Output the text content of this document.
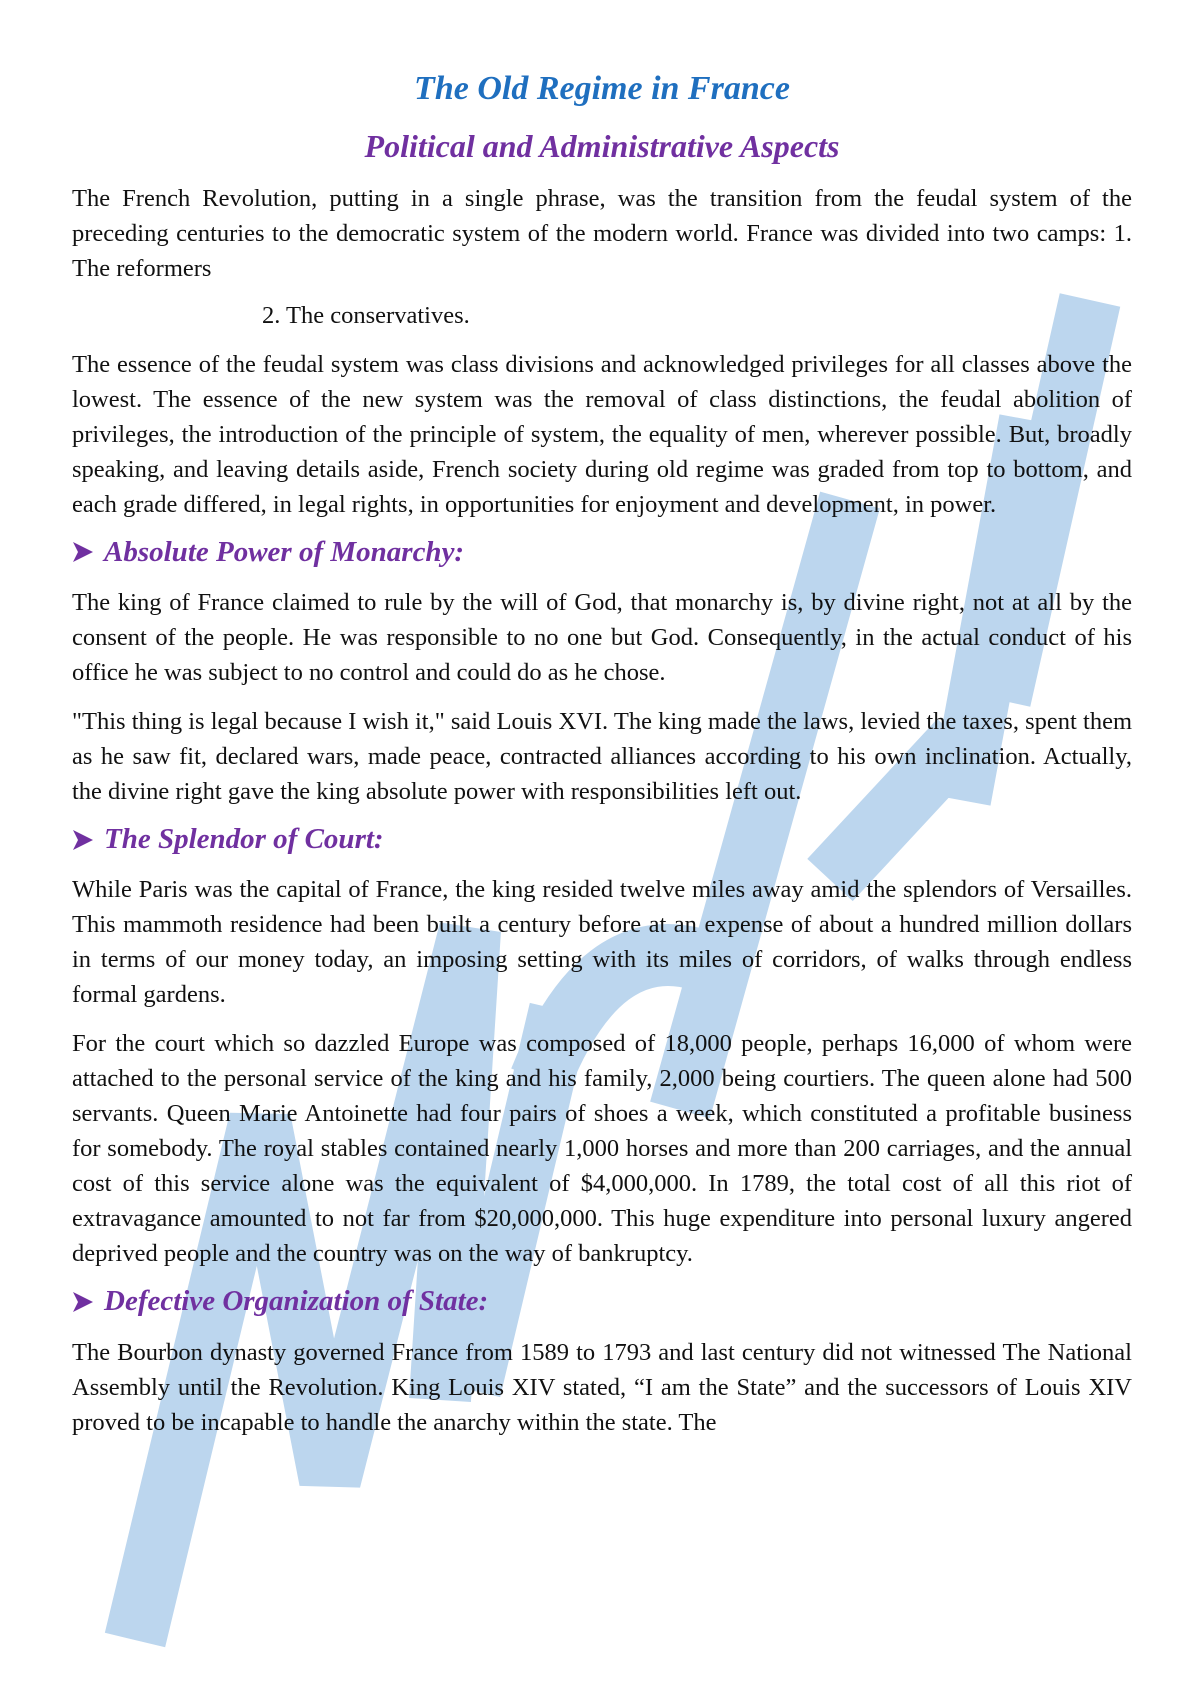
The Old Regime in France
Political and Administrative Aspects

The French Revolution, putting in a single phrase, was the transition from the feudal system of the preceding centuries to the democratic system of the modern world. France was divided into two camps: 1. The reformers

2. The conservatives.

The essence of the feudal system was class divisions and acknowledged privileges for all classes above the lowest. The essence of the new system was the removal of class distinctions, the feudal abolition of privileges, the introduction of the principle of system, the equality of men, wherever possible. But, broadly speaking, and leaving details aside, French society during old regime was graded from top to bottom, and each grade differed, in legal rights, in opportunities for enjoyment and development, in power.

Absolute Power of Monarchy:

The king of France claimed to rule by the will of God, that monarchy is, by divine right, not at all by the consent of the people. He was responsible to no one but God. Consequently, in the actual conduct of his office he was subject to no control and could do as he chose.

"This thing is legal because I wish it," said Louis XVI. The king made the laws, levied the taxes, spent them as he saw fit, declared wars, made peace, contracted alliances according to his own inclination. Actually, the divine right gave the king absolute power with responsibilities left out.

The Splendor of Court:

While Paris was the capital of France, the king resided twelve miles away amid the splendors of Versailles. This mammoth residence had been built a century before at an expense of about a hundred million dollars in terms of our money today, an imposing setting with its miles of corridors, of walks through endless formal gardens.

For the court which so dazzled Europe was composed of 18,000 people, perhaps 16,000 of whom were attached to the personal service of the king and his family, 2,000 being courtiers. The queen alone had 500 servants. Queen Marie Antoinette had four pairs of shoes a week, which constituted a profitable business for somebody. The royal stables contained nearly 1,000 horses and more than 200 carriages, and the annual cost of this service alone was the equivalent of $4,000,000. In 1789, the total cost of all this riot of extravagance amounted to not far from $20,000,000. This huge expenditure into personal luxury angered deprived people and the country was on the way of bankruptcy.

Defective Organization of State:

The Bourbon dynasty governed France from 1589 to 1793 and last century did not witnessed The National Assembly until the Revolution. King Louis XIV stated, “I am the State” and the successors of Louis XIV proved to be incapable to handle the anarchy within the state. The
